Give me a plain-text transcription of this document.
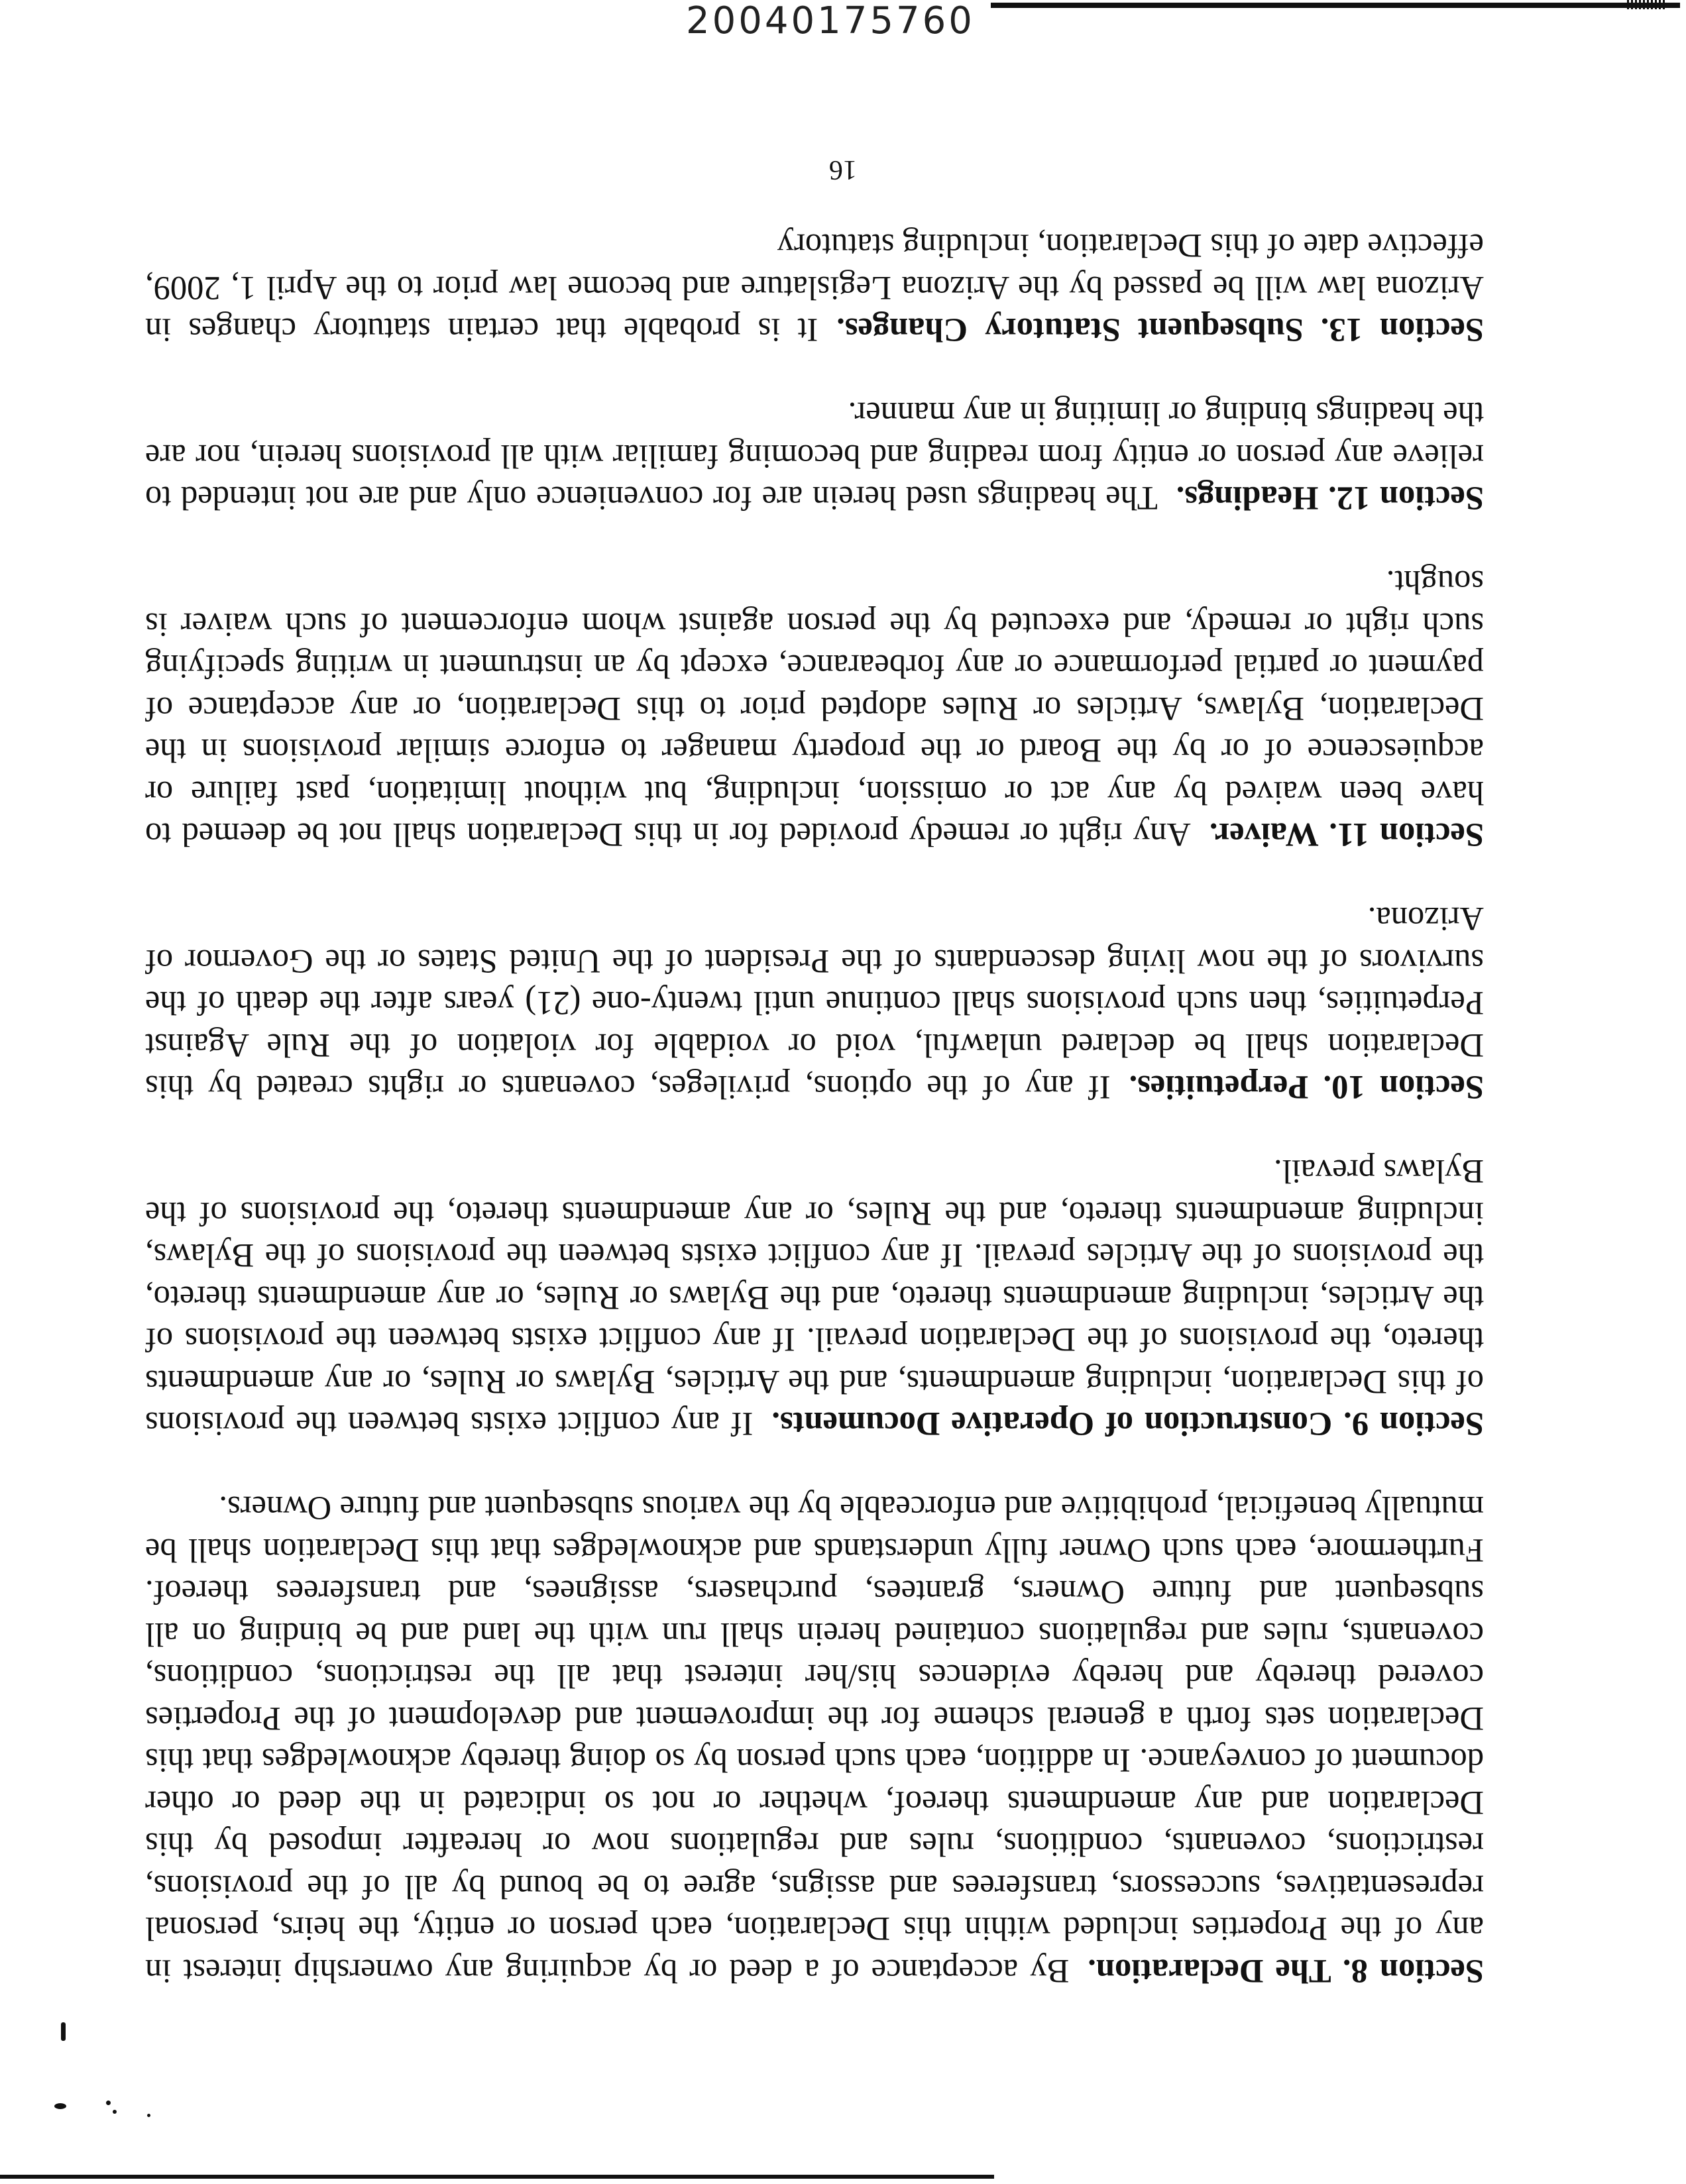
20040175760

Section 8. The Declaration.By acceptance of a deed or by acquiring any ownership interest in any of the Properties included within this Declaration, each person or entity, the heirs, personal representatives, successors, transferees and assigns, agree to be bound by all of the provisions, restrictions, covenants, conditions, rules and regulations now or hereafter imposed by this Declaration and any amendments thereof, whether or not so indicated in the deed or other document of conveyance. In addition, each such person by so doing thereby acknowledges that this Declaration sets forth a general scheme for the improvement and development of the Properties covered thereby and hereby evidences his/her interest that all the restrictions, conditions, covenants, rules and regulations contained herein shall run with the land and be binding on all subsequent and future Owners, grantees, purchasers, assignees, and transferees thereof. Furthermore, each such Owner fully understands and acknowledges that this Declaration shall be mutually beneficial, prohibitive and enforceable by the various subsequent and future Owners.

Section 9. Construction of Operative Documents.If any conflict exists between the provisions of this Declaration, including amendments, and the Articles, Bylaws or Rules, or any amendments thereto, the provisions of the Declaration prevail. If any conflict exists between the provisions of the Articles, including amendments thereto, and the Bylaws or Rules, or any amendments thereto, the provisions of the Articles prevail. If any conflict exists between the provisions of the Bylaws, including amendments thereto, and the Rules, or any amendments thereto, the provisions of the Bylaws prevail.

Section 10. Perpetuities.If any of the options, privileges, covenants or rights created by this Declaration shall be declared unlawful, void or voidable for violation of the Rule Against Perpetuities, then such provisions shall continue until twenty-one (21) years after the death of the survivors of the now living descendants of the President of the United States or the Governor of Arizona.

Section 11. Waiver.Any right or remedy provided for in this Declaration shall not be deemed to have been waived by any act or omission, including, but without limitation, past failure or acquiescence of or by the Board or the property manager to enforce similar provisions in the Declaration, Bylaws, Articles or Rules adopted prior to this Declaration, or any acceptance of payment or partial performance or any forbearance, except by an instrument in writing specifying such right or remedy, and executed by the person against whom enforcement of such waiver is sought.

Section 12. Headings.The headings used herein are for convenience only and are not intended to relieve any person or entity from reading and becoming familiar with all provisions herein, nor are the headings binding or limiting in any manner.

Section 13. Subsequent Statutory Changes.It is probable that certain statutory changes in Arizona law will be passed by the Arizona Legislature and become law prior to the April 1, 2009, effective date of this Declaration, including statutory

16
